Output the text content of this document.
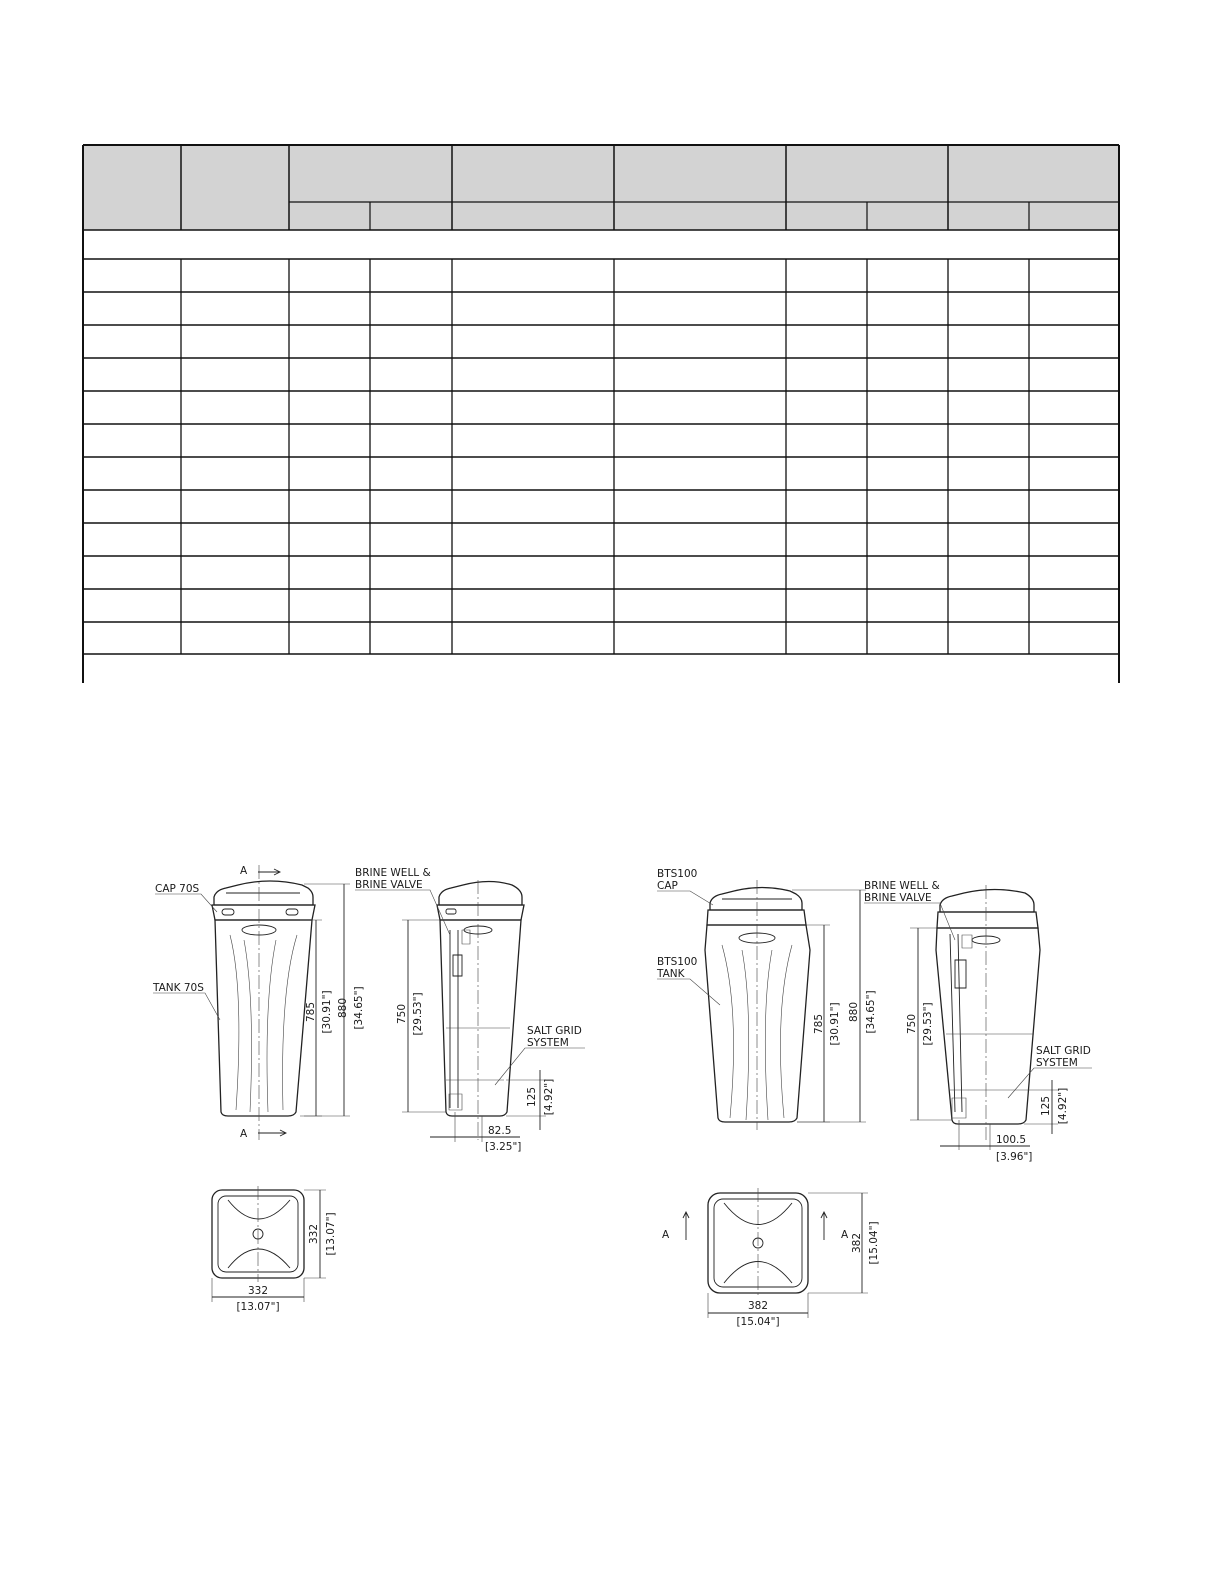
A
A
CAP 70S
TANK 70S
785 [30.91"] 880 [34.65"]
BRINE WELL &
BRINE VALVE
SALT GRID
SYSTEM
750 [29.53"]
125 [4.92"]
82.5
[3.25"]
332 [13.07"]
332
[13.07"]
BTS100
CAP
BTS100
TANK
785 [30.91"] 880 [34.65"]
BRINE WELL &
BRINE VALVE
SALT GRID
SYSTEM
750 [29.53"]
125 [4.92"]
100.5
[3.96"]
A	A 382 [15.04"]
382
[15.04"]
